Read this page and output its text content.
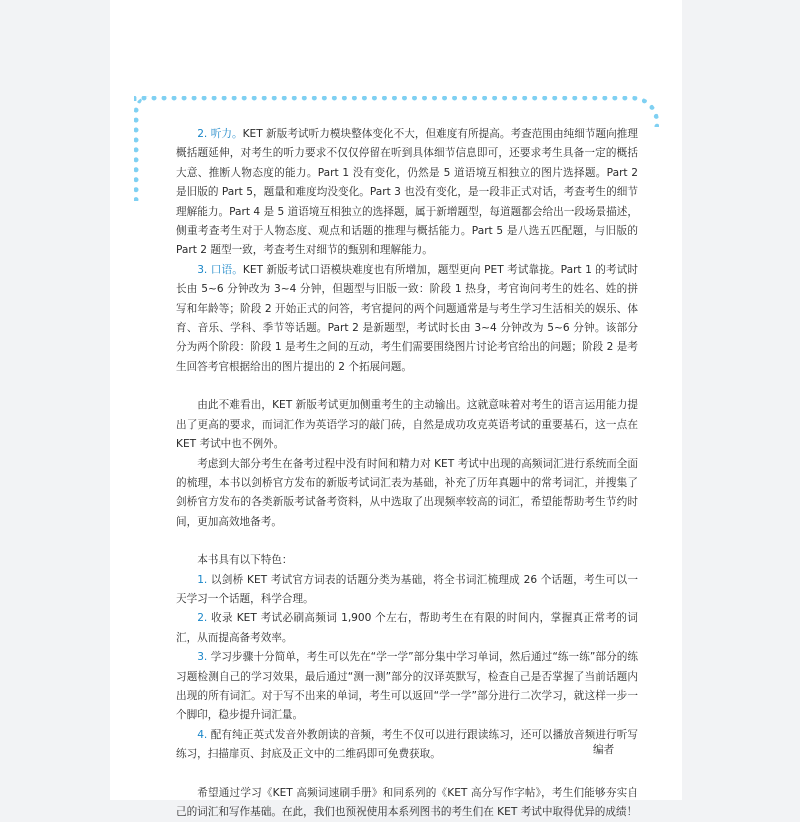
2. 听力。KET 新版考试听力模块整体变化不大，但难度有所提高。考查范围由纯细节题向推理概括题延伸，对考生的听力要求不仅仅停留在听到具体细节信息即可，还要求考生具备一定的概括大意、推断人物态度的能力。Part 1 没有变化，仍然是 5 道语境互相独立的图片选择题。Part 2 是旧版的 Part 5，题量和难度均没变化。Part 3 也没有变化，是一段非正式对话，考查考生的细节理解能力。Part 4 是 5 道语境互相独立的选择题，属于新增题型，每道题都会给出一段场景描述，侧重考查考生对于人物态度、观点和话题的推理与概括能力。Part 5 是八选五匹配题，与旧版的 Part 2 题型一致，考查考生对细节的甄别和理解能力。

3. 口语。KET 新版考试口语模块难度也有所增加，题型更向 PET 考试靠拢。Part 1 的考试时长由 5~6 分钟改为 3~4 分钟，但题型与旧版一致：阶段 1 热身，考官询问考生的姓名、姓的拼写和年龄等；阶段 2 开始正式的问答，考官提问的两个问题通常是与考生学习生活相关的娱乐、体育、音乐、学科、季节等话题。Part 2 是新题型，考试时长由 3~4 分钟改为 5~6 分钟。该部分分为两个阶段：阶段 1 是考生之间的互动，考生们需要围绕图片讨论考官给出的问题；阶段 2 是考生回答考官根据给出的图片提出的 2 个拓展问题。

由此不难看出，KET 新版考试更加侧重考生的主动输出。这就意味着对考生的语言运用能力提出了更高的要求，而词汇作为英语学习的敲门砖，自然是成功攻克英语考试的重要基石，这一点在 KET 考试中也不例外。

考虑到大部分考生在备考过程中没有时间和精力对 KET 考试中出现的高频词汇进行系统而全面的梳理，本书以剑桥官方发布的新版考试词汇表为基础，补充了历年真题中的常考词汇，并搜集了剑桥官方发布的各类新版考试备考资料，从中选取了出现频率较高的词汇，希望能帮助考生节约时间，更加高效地备考。

本书具有以下特色：

1. 以剑桥 KET 考试官方词表的话题分类为基础，将全书词汇梳理成 26 个话题，考生可以一天学习一个话题，科学合理。

2. 收录 KET 考试必刷高频词 1,900 个左右，帮助考生在有限的时间内，掌握真正常考的词汇，从而提高备考效率。

3. 学习步骤十分简单，考生可以先在“学一学”部分集中学习单词，然后通过“练一练”部分的练习题检测自己的学习效果，最后通过“测一测”部分的汉译英默写，检查自己是否掌握了当前话题内出现的所有词汇。对于写不出来的单词，考生可以返回“学一学”部分进行二次学习，就这样一步一个脚印，稳步提升词汇量。

4. 配有纯正英式发音外教朗读的音频，考生不仅可以进行跟读练习，还可以播放音频进行听写练习，扫描扉页、封底及正文中的二维码即可免费获取。

希望通过学习《KET 高频词速刷手册》和同系列的《KET 高分写作字帖》，考生们能够夯实自己的词汇和写作基础。在此，我们也预祝使用本系列图书的考生们在 KET 考试中取得优异的成绩！

编者
